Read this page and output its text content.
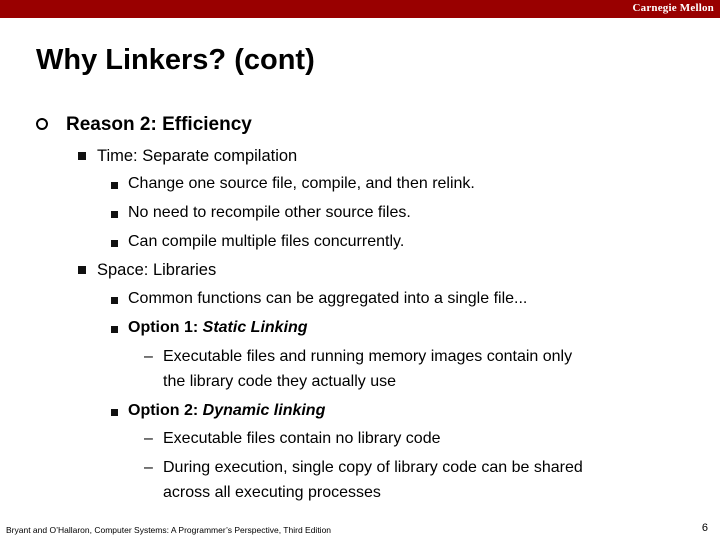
Carnegie Mellon
Why Linkers? (cont)
Reason 2: Efficiency
Time: Separate compilation
Change one source file, compile, and then relink.
No need to recompile other source files.
Can compile multiple files concurrently.
Space: Libraries
Common functions can be aggregated into a single file...
Option 1: Static Linking
– Executable files and running memory images contain only
the library code they actually use
Option 2: Dynamic linking
– Executable files contain no library code
– During execution, single copy of library code can be shared
across all executing processes
Bryant and O’Hallaron, Computer Systems: A Programmer’s Perspective, Third Edition	6
